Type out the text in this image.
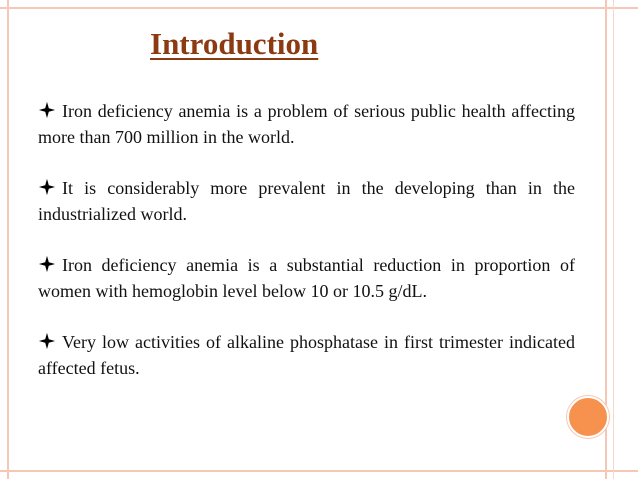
Introduction

Iron deficiency anemia is a problem of serious public health affecting more than 700 million in the world.

It is considerably more prevalent in the developing than in the industrialized world.

Iron deficiency anemia is a substantial reduction in proportion of women with hemoglobin level below 10 or 10.5 g/dL.

Very low activities of alkaline phosphatase in first trimester indicated affected fetus.
